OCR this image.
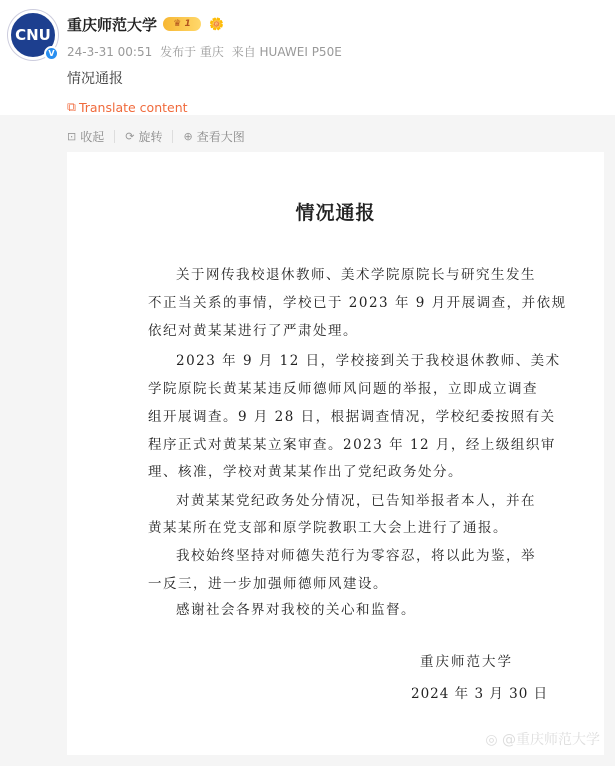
CNU
V
重庆师范大学	♛ 1	🌼
24-3-31 00:51 发布于 重庆 来自 HUAWEI P50E
情况通报
⧉ Translate content
⊡ 收起 ⟳ 旋转 ⊕ 查看大图
情况通报
关于网传我校退休教师、美术学院原院长与研究生发生
不正当关系的事情，学校已于 2023 年 9 月开展调查，并依规
依纪对黄某某进行了严肃处理。
2023 年 9 月 12 日，学校接到关于我校退休教师、美术
学院原院长黄某某违反师德师风问题的举报，立即成立调查
组开展调查。9 月 28 日，根据调查情况，学校纪委按照有关
程序正式对黄某某立案审查。2023 年 12 月，经上级组织审
理、核准，学校对黄某某作出了党纪政务处分。
对黄某某党纪政务处分情况，已告知举报者本人，并在
黄某某所在党支部和原学院教职工大会上进行了通报。
我校始终坚持对师德失范行为零容忍，将以此为鉴，举
一反三，进一步加强师德师风建设。
感谢社会各界对我校的关心和监督。
重庆师范大学
2024 年 3 月 30 日
◎ @重庆师范大学
